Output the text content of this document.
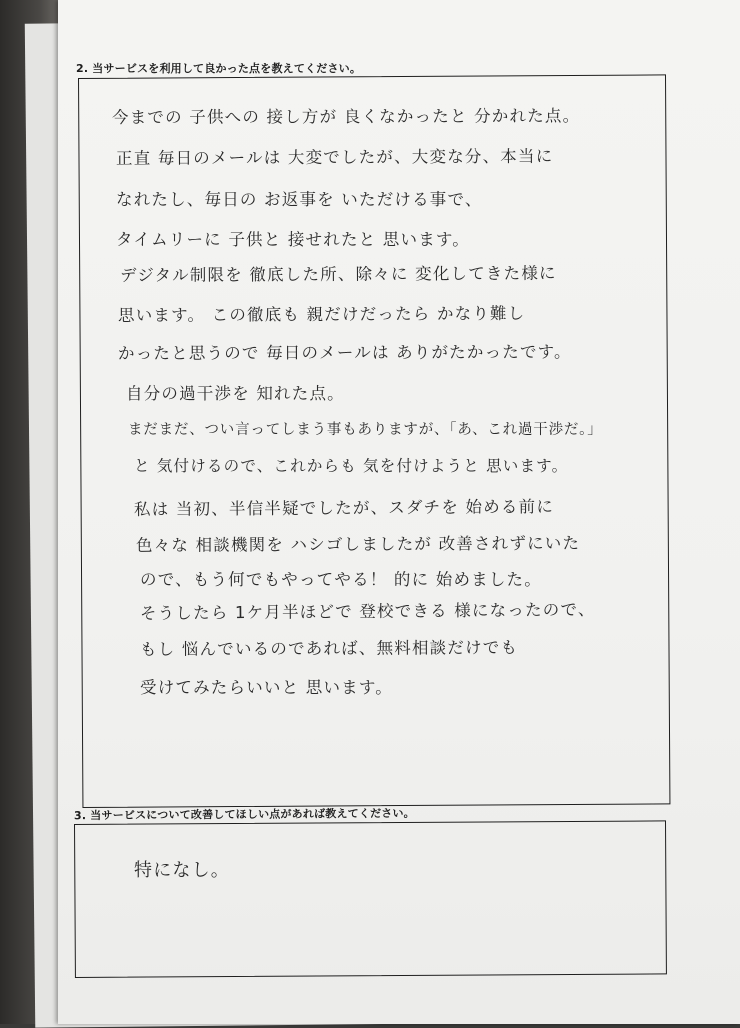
2. 当サービスを利用して良かった点を教えてください。
今までの 子供への 接し方が 良くなかったと 分かれた点。
正直 毎日のメールは 大変でしたが、大変な分、本当に
なれたし、毎日の お返事を いただける事で、
タイムリーに 子供と 接せれたと 思います。
デジタル制限を 徹底した所、除々に 変化してきた様に
思います。 この徹底も 親だけだったら かなり難し
かったと思うので 毎日のメールは ありがたかったです。
自分の過干渉を 知れた点。
まだまだ、つい言ってしまう事もありますが、「あ、これ過干渉だ。」
と 気付けるので、これからも 気を付けようと 思います。
私は 当初、半信半疑でしたが、スダチを 始める前に
色々な 相談機関を ハシゴしましたが 改善されずにいた
ので、もう何でもやってやる！ 的に 始めました。
そうしたら 1ケ月半ほどで 登校できる 様になったので、
もし 悩んでいるのであれば、無料相談だけでも
受けてみたらいいと 思います。
3. 当サービスについて改善してほしい点があれば教えてください。
特になし。
